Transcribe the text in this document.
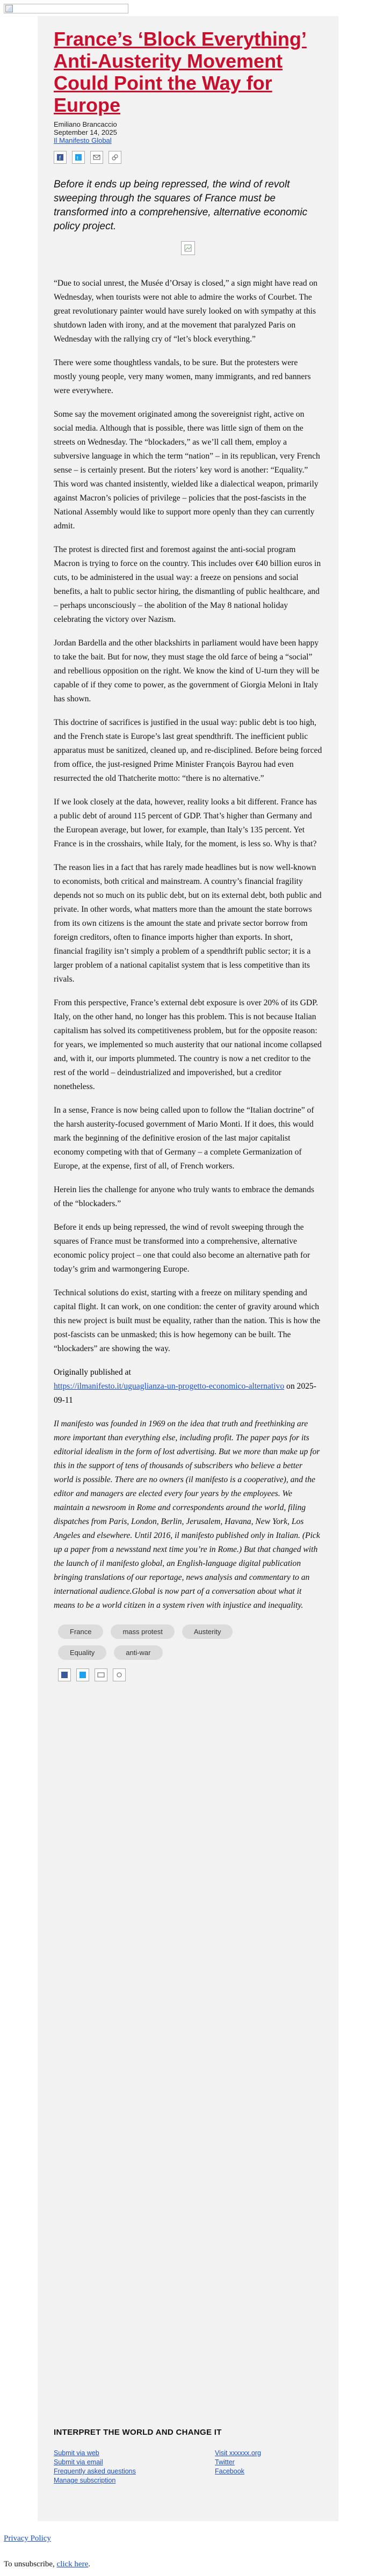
France’s ‘Block Everything’ Anti-Austerity Movement Could Point the Way for Europe
Emiliano Brancaccio
September 14, 2025
Il Manifesto Global
f	t
Before it ends up being repressed, the wind of revolt sweeping through the squares of France must be transformed into a comprehensive, alternative economic policy project.

“Due to social unrest, the Musée d’Orsay is closed,” a sign might have read on Wednesday, when tourists were not able to admire the works of Courbet. The great revolutionary painter would have surely looked on with sympathy at this shutdown laden with irony, and at the movement that paralyzed Paris on Wednesday with the rallying cry of “let’s block everything.”

There were some thoughtless vandals, to be sure. But the protesters were mostly young people, very many women, many immigrants, and red banners were everywhere.

Some say the movement originated among the sovereignist right, active on social media. Although that is possible, there was little sign of them on the streets on Wednesday. The “blockaders,” as we’ll call them, employ a subversive language in which the term “nation” – in its republican, very French sense – is certainly present. But the rioters’ key word is another: “Equality.” This word was chanted insistently, wielded like a dialectical weapon, primarily against Macron’s policies of privilege – policies that the post-fascists in the National Assembly would like to support more openly than they can currently admit.

The protest is directed first and foremost against the anti-social program Macron is trying to force on the country. This includes over €40 billion euros in cuts, to be administered in the usual way: a freeze on pensions and social benefits, a halt to public sector hiring, the dismantling of public healthcare, and – perhaps unconsciously – the abolition of the May 8 national holiday celebrating the victory over Nazism.

Jordan Bardella and the other blackshirts in parliament would have been happy to take the bait. But for now, they must stage the old farce of being a “social” and rebellious opposition on the right. We know the kind of U-turn they will be capable of if they come to power, as the government of Giorgia Meloni in Italy has shown.

This doctrine of sacrifices is justified in the usual way: public debt is too high, and the French state is Europe’s last great spendthrift. The inefficient public apparatus must be sanitized, cleaned up, and re-disciplined. Before being forced from office, the just-resigned Prime Minister François Bayrou had even resurrected the old Thatcherite motto: “there is no alternative.”

If we look closely at the data, however, reality looks a bit different. France has a public debt of around 115 percent of GDP. That’s higher than Germany and the European average, but lower, for example, than Italy’s 135 percent. Yet France is in the crosshairs, while Italy, for the moment, is less so. Why is that?

The reason lies in a fact that has rarely made headlines but is now well-known to economists, both critical and mainstream. A country’s financial fragility depends not so much on its public debt, but on its external debt, both public and private. In other words, what matters more than the amount the state borrows from its own citizens is the amount the state and private sector borrow from foreign creditors, often to finance imports higher than exports. In short, financial fragility isn’t simply a problem of a spendthrift public sector; it is a larger problem of a national capitalist system that is less competitive than its rivals.

From this perspective, France’s external debt exposure is over 20% of its GDP. Italy, on the other hand, no longer has this problem. This is not because Italian capitalism has solved its competitiveness problem, but for the opposite reason: for years, we implemented so much austerity that our national income collapsed and, with it, our imports plummeted. The country is now a net creditor to the rest of the world – deindustrialized and impoverished, but a creditor nonetheless.

In a sense, France is now being called upon to follow the “Italian doctrine” of the harsh austerity-focused government of Mario Monti. If it does, this would mark the beginning of the definitive erosion of the last major capitalist economy competing with that of Germany – a complete Germanization of Europe, at the expense, first of all, of French workers.

Herein lies the challenge for anyone who truly wants to embrace the demands of the “blockaders.”

Before it ends up being repressed, the wind of revolt sweeping through the squares of France must be transformed into a comprehensive, alternative economic policy project – one that could also become an alternative path for today’s grim and warmongering Europe.

Technical solutions do exist, starting with a freeze on military spending and capital flight. It can work, on one condition: the center of gravity around which this new project is built must be equality, rather than the nation. This is how the post-fascists can be unmasked; this is how hegemony can be built. The “blockaders” are showing the way.

Originally published at
https://ilmanifesto.it/uguaglianza-un-progetto-economico-alternativo on 2025-09-11
Il manifesto was founded in 1969 on the idea that truth and freethinking are more important than everything else, including profit. The paper pays for its editorial idealism in the form of lost advertising. But we more than make up for this in the support of tens of thousands of subscribers who believe a better world is possible. There are no owners (il manifesto is a cooperative), and the editor and managers are elected every four years by the employees. We maintain a newsroom in Rome and correspondents around the world, filing dispatches from Paris, London, Berlin, Jerusalem, Havana, New York, Los Angeles and elsewhere. Until 2016, il manifesto published only in Italian. (Pick up a paper from a newsstand next time you’re in Rome.) But that changed with the launch of il manifesto global, an English-language digital publication bringing translations of our reportage, news analysis and commentary to an international audience.Global is now part of a conversation about what it means to be a world citizen in a system riven with injustice and inequality.
France	mass protest	Austerity
Equality	anti-war
INTERPRET THE WORLD AND CHANGE IT
Submit via web
Submit via email
Frequently asked questions
Manage subscription
Visit xxxxxx.org
Twitter
Facebook
Privacy Policy
To unsubscribe, click here.
